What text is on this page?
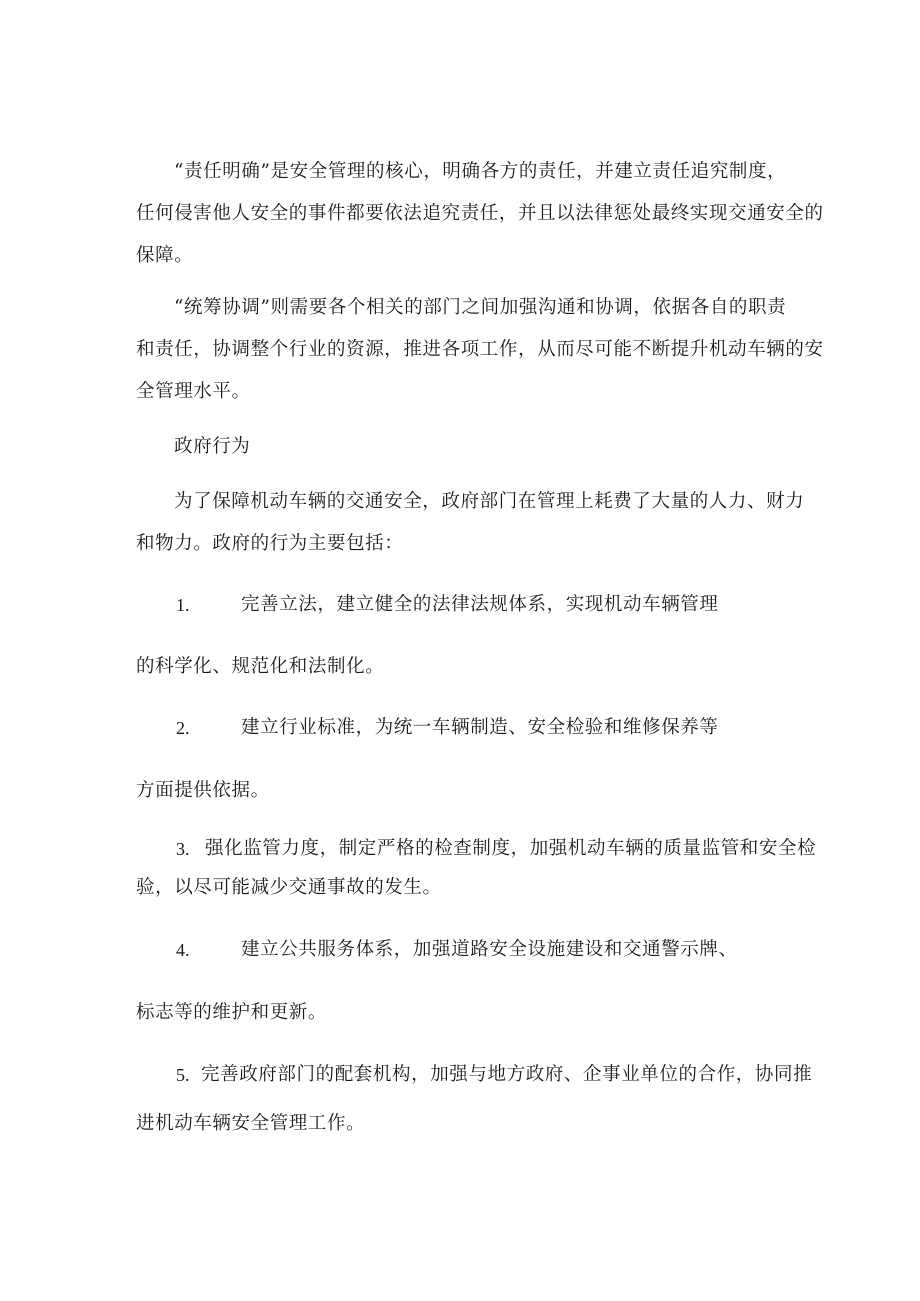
“责任明确”是安全管理的核心，明确各方的责任，并建立责任追究制度，
任何侵害他人安全的事件都要依法追究责任，并且以法律惩处最终实现交通安全的
保障。
“统筹协调”则需要各个相关的部门之间加强沟通和协调，依据各自的职责
和责任，协调整个行业的资源，推进各项工作，从而尽可能不断提升机动车辆的安
全管理水平。
政府行为
为了保障机动车辆的交通安全，政府部门在管理上耗费了大量的人力、财力
和物力。政府的行为主要包括：
1.	完善立法，建立健全的法律法规体系，实现机动车辆管理
的科学化、规范化和法制化。
2.	建立行业标准，为统一车辆制造、安全检验和维修保养等
方面提供依据。
3. 强化监管力度，制定严格的检查制度，加强机动车辆的质量监管和安全检
验，以尽可能减少交通事故的发生。
4.	建立公共服务体系，加强道路安全设施建设和交通警示牌、
标志等的维护和更新。
5. 完善政府部门的配套机构，加强与地方政府、企事业单位的合作，协同推
进机动车辆安全管理工作。
